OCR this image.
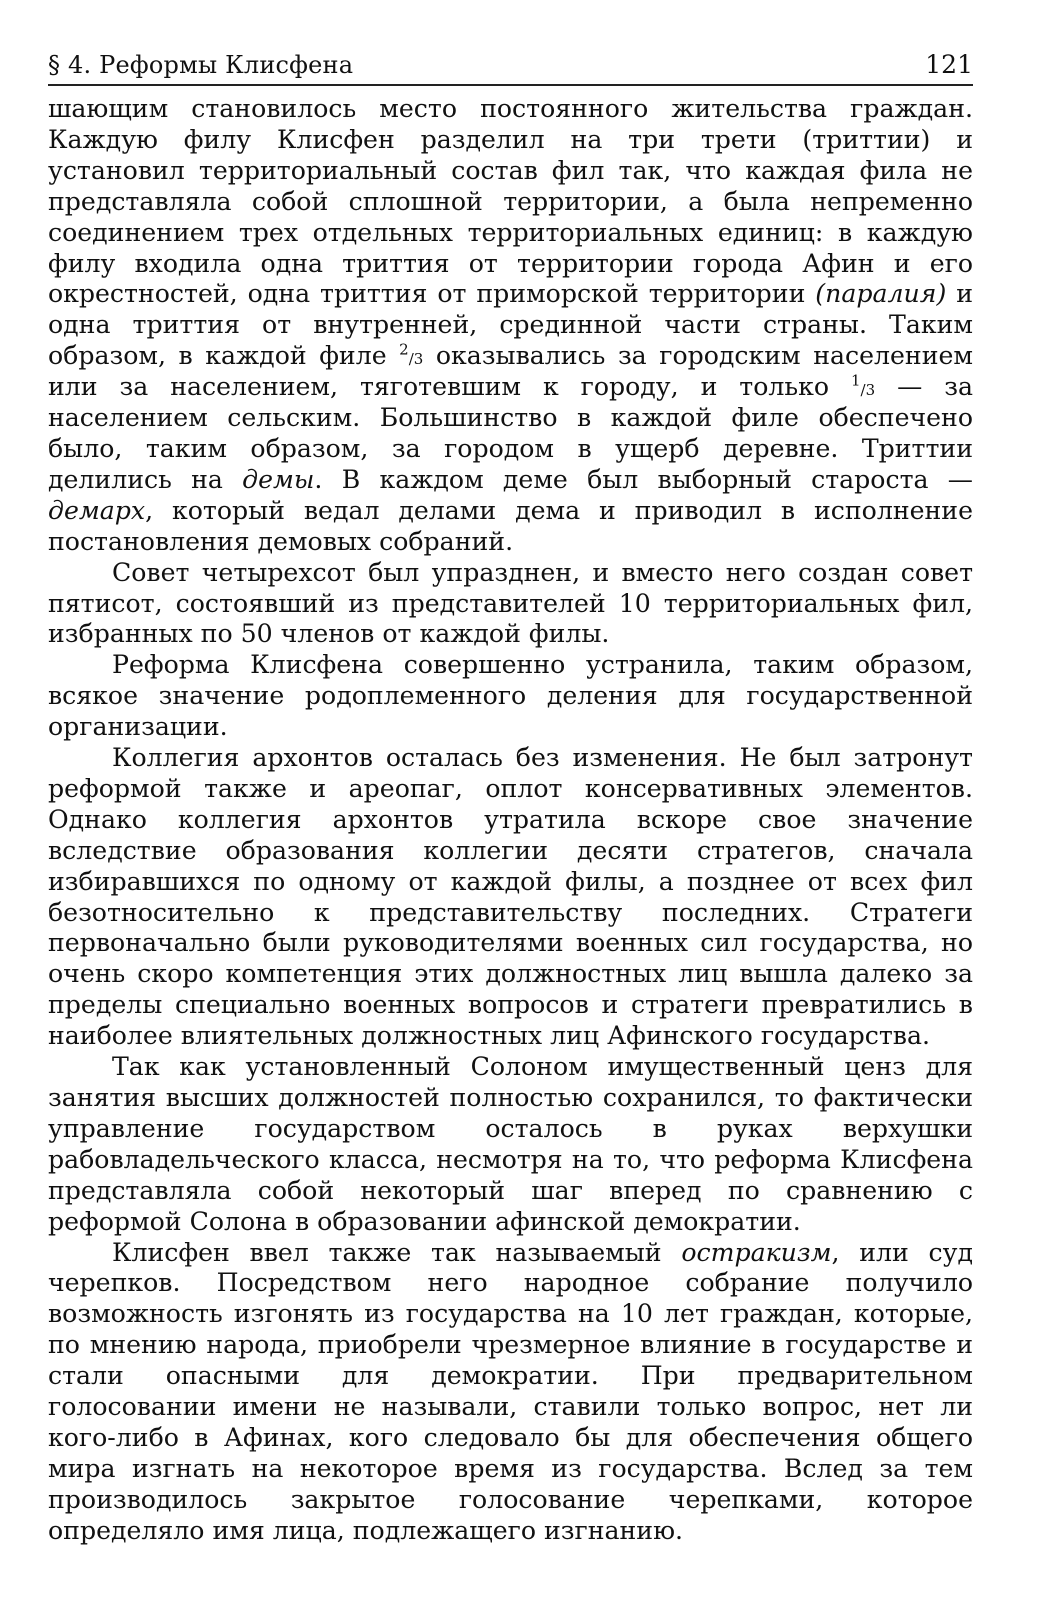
§ 4. Реформы Клисфена	121

шающим становилось место постоянного жительства граждан. Каждую филу Клисфен разделил на три трети (триттии) и установил территориальный состав фил так, что каждая фила не представляла собой сплошной территории, а была непременно соединением трех отдельных территориальных единиц: в каждую филу входила одна триттия от территории города Афин и его окрестностей, одна триттия от приморской территории (паралия) и одна триттия от внутренней, срединной части страны. Таким образом, в каждой филе $^2$/3 оказывались за городским населением или за населением, тяготевшим к городу, и только $^1$/3 — за населением сельским. Большинство в каждой филе обеспечено было, таким образом, за городом в ущерб деревне. Триттии делились на демы. В каждом деме был выборный староста — демарх, который ведал делами дема и приводил в исполнение постановления демовых собраний.

Совет четырехсот был упразднен, и вместо него создан совет пятисот, состоявший из представителей 10 территориальных фил, избранных по 50 членов от каждой филы.

Реформа Клисфена совершенно устранила, таким образом, всякое значение родоплеменного деления для государственной организации.

Коллегия архонтов осталась без изменения. Не был затронут реформой также и ареопаг, оплот консервативных элементов. Однако коллегия архонтов утратила вскоре свое значение вследствие образования коллегии десяти стратегов, сначала избиравшихся по одному от каждой филы, а позднее от всех фил безотносительно к представительству последних. Стратеги первоначально были руководителями военных сил государства, но очень скоро компетенция этих должностных лиц вышла далеко за пределы специально военных вопросов и стратеги превратились в наиболее влиятельных должностных лиц Афинского государства.

Так как установленный Солоном имущественный ценз для занятия высших должностей полностью сохранился, то фактически управление государством осталось в руках верхушки рабовладельческого класса, несмотря на то, что реформа Клисфена представляла собой некоторый шаг вперед по сравнению с реформой Солона в образовании афинской демократии.

Клисфен ввел также так называемый остракизм, или суд черепков. Посредством него народное собрание получило возможность изгонять из государства на 10 лет граждан, которые, по мнению народа, приобрели чрезмерное влияние в государстве и стали опасными для демократии. При предварительном голосовании имени не называли, ставили только вопрос, нет ли кого-либо в Афинах, кого следовало бы для обеспечения общего мира изгнать на некоторое время из государства. Вслед за тем производилось закрытое голосование черепками, которое определяло имя лица, подлежащего изгнанию.
